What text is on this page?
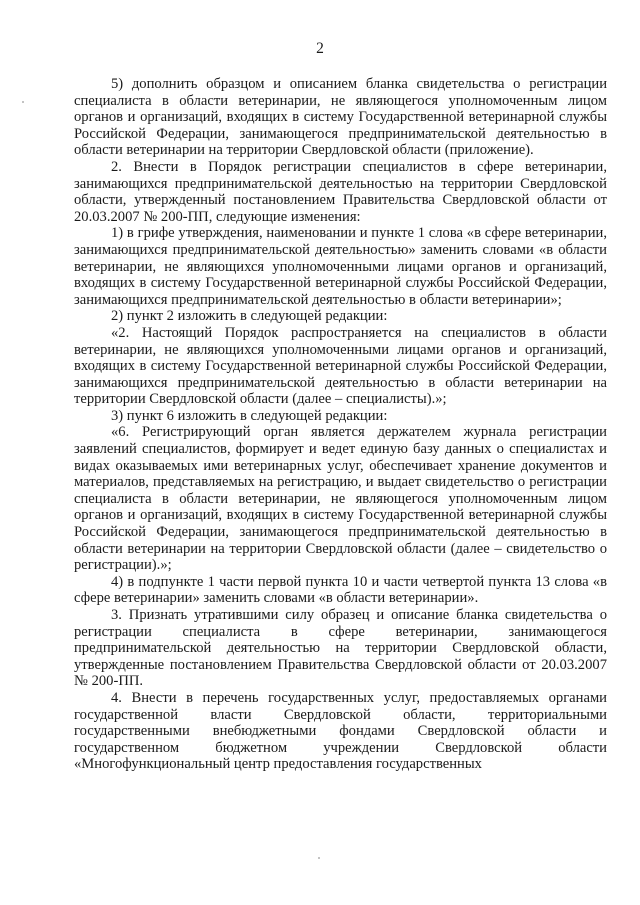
2

5) дополнить образцом и описанием бланка свидетельства о регистрации специалиста в области ветеринарии, не являющегося уполномоченным лицом органов и организаций, входящих в систему Государственной ветеринарной службы Российской Федерации, занимающегося предпринимательской деятельностью в области ветеринарии на территории Свердловской области (приложение).

2. Внести в Порядок регистрации специалистов в сфере ветеринарии, занимающихся предпринимательской деятельностью на территории Свердловской области, утвержденный постановлением Правительства Свердловской области от 20.03.2007 № 200-ПП, следующие изменения:

1) в грифе утверждения, наименовании и пункте 1 слова «в сфере ветеринарии, занимающихся предпринимательской деятельностью» заменить словами «в области ветеринарии, не являющихся уполномоченными лицами органов и организаций, входящих в систему Государственной ветеринарной службы Российской Федерации, занимающихся предпринимательской деятельностью в области ветеринарии»;

2) пункт 2 изложить в следующей редакции:

«2. Настоящий Порядок распространяется на специалистов в области ветеринарии, не являющихся уполномоченными лицами органов и организаций, входящих в систему Государственной ветеринарной службы Российской Федерации, занимающихся предпринимательской деятельностью в области ветеринарии на территории Свердловской области (далее – специалисты).»;

3) пункт 6 изложить в следующей редакции:

«6. Регистрирующий орган является держателем журнала регистрации заявлений специалистов, формирует и ведет единую базу данных о специалистах и видах оказываемых ими ветеринарных услуг, обеспечивает хранение документов и материалов, представляемых на регистрацию, и выдает свидетельство о регистрации специалиста в области ветеринарии, не являющегося уполномоченным лицом органов и организаций, входящих в систему Государственной ветеринарной службы Российской Федерации, занимающегося предпринимательской деятельностью в области ветеринарии на территории Свердловской области (далее – свидетельство о регистрации).»;

4) в подпункте 1 части первой пункта 10 и части четвертой пункта 13 слова «в сфере ветеринарии» заменить словами «в области ветеринарии».

3. Признать утратившими силу образец и описание бланка свидетельства о регистрации специалиста в сфере ветеринарии, занимающегося предпринимательской деятельностью на территории Свердловской области, утвержденные постановлением Правительства Свердловской области от 20.03.2007 № 200-ПП.

4. Внести в перечень государственных услуг, предоставляемых органами государственной власти Свердловской области, территориальными государственными внебюджетными фондами Свердловской области и государственном бюджетном учреждении Свердловской области «Многофункциональный центр предоставления государственных
